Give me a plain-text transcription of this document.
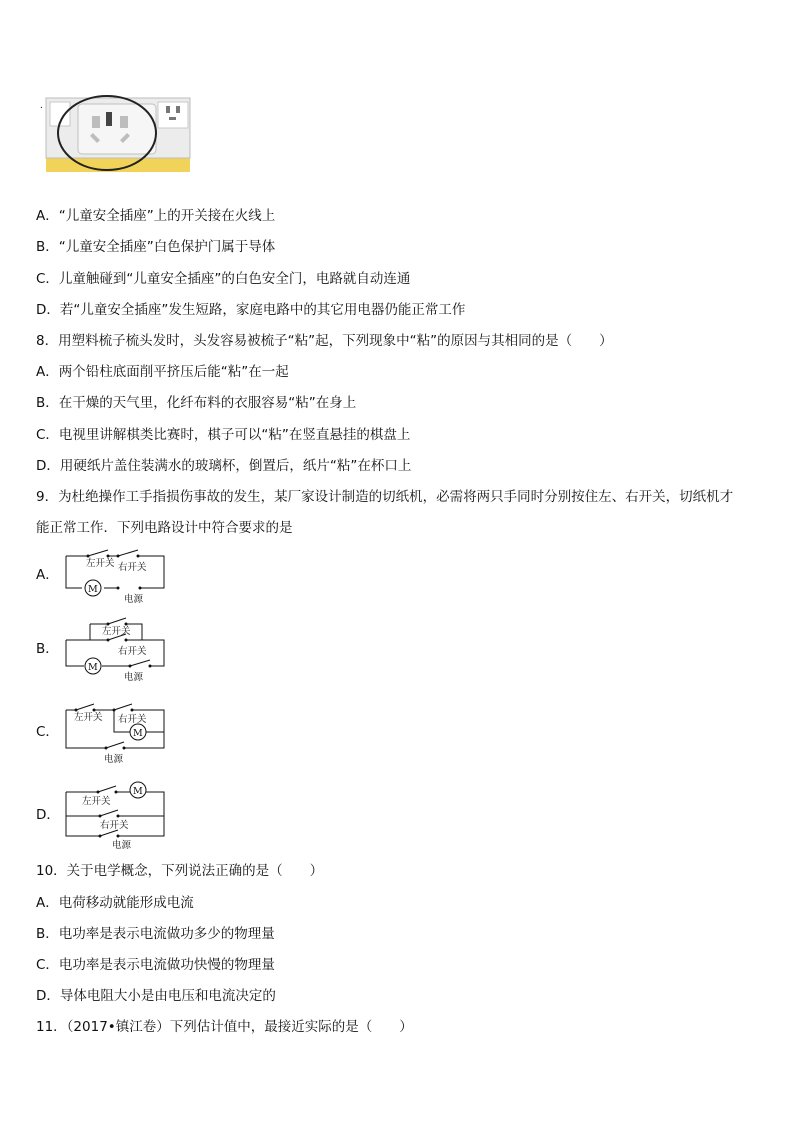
.
A．“儿童安全插座”上的开关接在火线上
B．“儿童安全插座”白色保护门属于导体
C．儿童触碰到“儿童安全插座”的白色安全门，电路就自动连通
D．若“儿童安全插座”发生短路，家庭电路中的其它用电器仍能正常工作
8．用塑料梳子梳头发时，头发容易被梳子“粘”起，下列现象中“粘”的原因与其相同的是（　　）
A．两个铅柱底面削平挤压后能“粘”在一起
B．在干燥的天气里，化纤布料的衣服容易“粘”在身上
C．电视里讲解棋类比赛时，棋子可以“粘”在竖直悬挂的棋盘上
D．用硬纸片盖住装满水的玻璃杯，倒置后，纸片“粘”在杯口上
9．为杜绝操作工手指损伤事故的发生，某厂家设计制造的切纸机，必需将两只手同时分别按住左、右开关，切纸机才
能正常工作．下列电路设计中符合要求的是
A．
M
左开关 右开关
电源
B．
左开关
右开关
M
电源
C．
左开关 右开关
M
电源
D．
M
左开关
右开关
电源
10．关于电学概念，下列说法正确的是（　　）
A．电荷移动就能形成电流
B．电功率是表示电流做功多少的物理量
C．电功率是表示电流做功快慢的物理量
D．导体电阻大小是由电压和电流决定的
11．（2017•镇江卷）下列估计值中，最接近实际的是（　　）
